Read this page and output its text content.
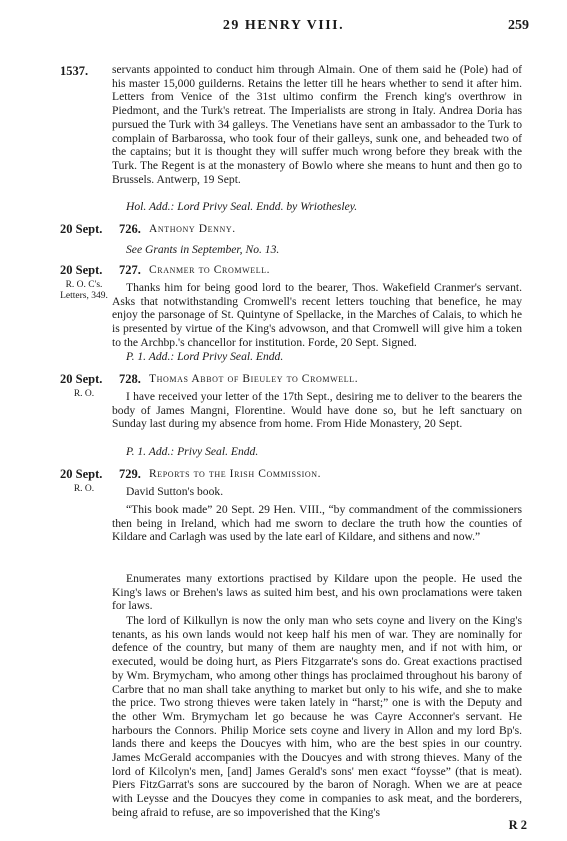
29 HENRY VIII.	259
1537. servants appointed to conduct him through Almain. One of them said he (Pole) had of his master 15,000 guilderns. Retains the letter till he hears whether to send it after him. Letters from Venice of the 31st ultimo confirm the French king's overthrow in Piedmont, and the Turk's retreat. The Imperialists are strong in Italy. Andrea Doria has pursued the Turk with 34 galleys. The Venetians have sent an ambassador to the Turk to complain of Barbarossa, who took four of their galleys, sunk one, and beheaded two of the captains; but it is thought they will suffer much wrong before they break with the Turk. The Regent is at the monastery of Bowlo where she means to hunt and then go to Brussels. Antwerp, 19 Sept.
Hol. Add.: Lord Privy Seal. Endd. by Wriothesley.
20 Sept. 726. Anthony Denny.
See Grants in September, No. 13.
20 Sept. 727. Cranmer to Cromwell.
R. O. C's. Letters, 349.
Thanks him for being good lord to the bearer, Thos. Wakefield Cranmer's servant. Asks that notwithstanding Cromwell's recent letters touching that benefice, he may enjoy the parsonage of St. Quintyne of Spellacke, in the Marches of Calais, to which he is presented by virtue of the King's advowson, and that Cromwell will give him a token to the Archbp.'s chancellor for institution. Forde, 20 Sept. Signed.
P. 1. Add.: Lord Privy Seal. Endd.
20 Sept. 728. Thomas Abbot of Bieuley to Cromwell.
R. O.	I have received your letter of the 17th Sept., desiring me to deliver to the bearers the body of James Mangni, Florentine. Would have done so, but he left sanctuary on Sunday last during my absence from home. From Hide Monastery, 20 Sept.
P. 1. Add.: Privy Seal. Endd.
20 Sept. 729. Reports to the Irish Commission.
R. O.	David Sutton's book.
“This book made” 20 Sept. 29 Hen. VIII., “by commandment of the commissioners then being in Ireland, which had me sworn to declare the truth how the counties of Kildare and Carlagh was used by the late earl of Kildare, and sithens and now.”
Enumerates many extortions practised by Kildare upon the people. He used the King's laws or Brehen's laws as suited him best, and his own proclamations were taken for laws.
The lord of Kilkullyn is now the only man who sets coyne and livery on the King's tenants, as his own lands would not keep half his men of war. They are nominally for defence of the country, but many of them are naughty men, and if not with him, or executed, would be doing hurt, as Piers Fitzgarrate's sons do. Great exactions practised by Wm. Brymycham, who among other things has proclaimed throughout his barony of Carbre that no man shall take anything to market but only to his wife, and she to make the price. Two strong thieves were taken lately in “harst;” one is with the Deputy and the other Wm. Brymycham let go because he was Cayre Acconner's servant. He harbours the Connors. Philip Morice sets coyne and livery in Allon and my lord Bp's. lands there and keeps the Doucyes with him, who are the best spies in our country. James McGerald accompanies with the Doucyes and with strong thieves. Many of the lord of Kilcolyn's men, [and] James Gerald's sons' men exact “foysse” (that is meat). Piers FitzGarrat's sons are succoured by the baron of Noragh. When we are at peace with Leysse and the Doucyes they come in companies to ask meat, and the borderers, being afraid to refuse, are so impoverished that the King's
R 2
